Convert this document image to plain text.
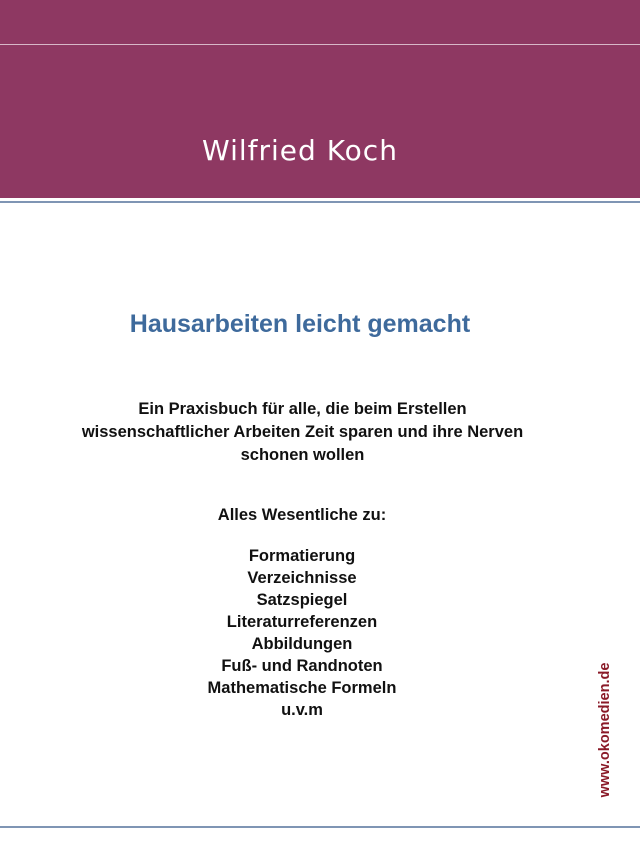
Wilfried Koch
Hausarbeiten leicht gemacht
Ein Praxisbuch für alle, die beim Erstellen
wissenschaftlicher Arbeiten Zeit sparen und ihre Nerven
schonen wollen
Alles Wesentliche zu:
Formatierung
Verzeichnisse
Satzspiegel
Literaturreferenzen
Abbildungen
Fuß- und Randnoten
Mathematische Formeln
u.v.m	www.okomedien.de
